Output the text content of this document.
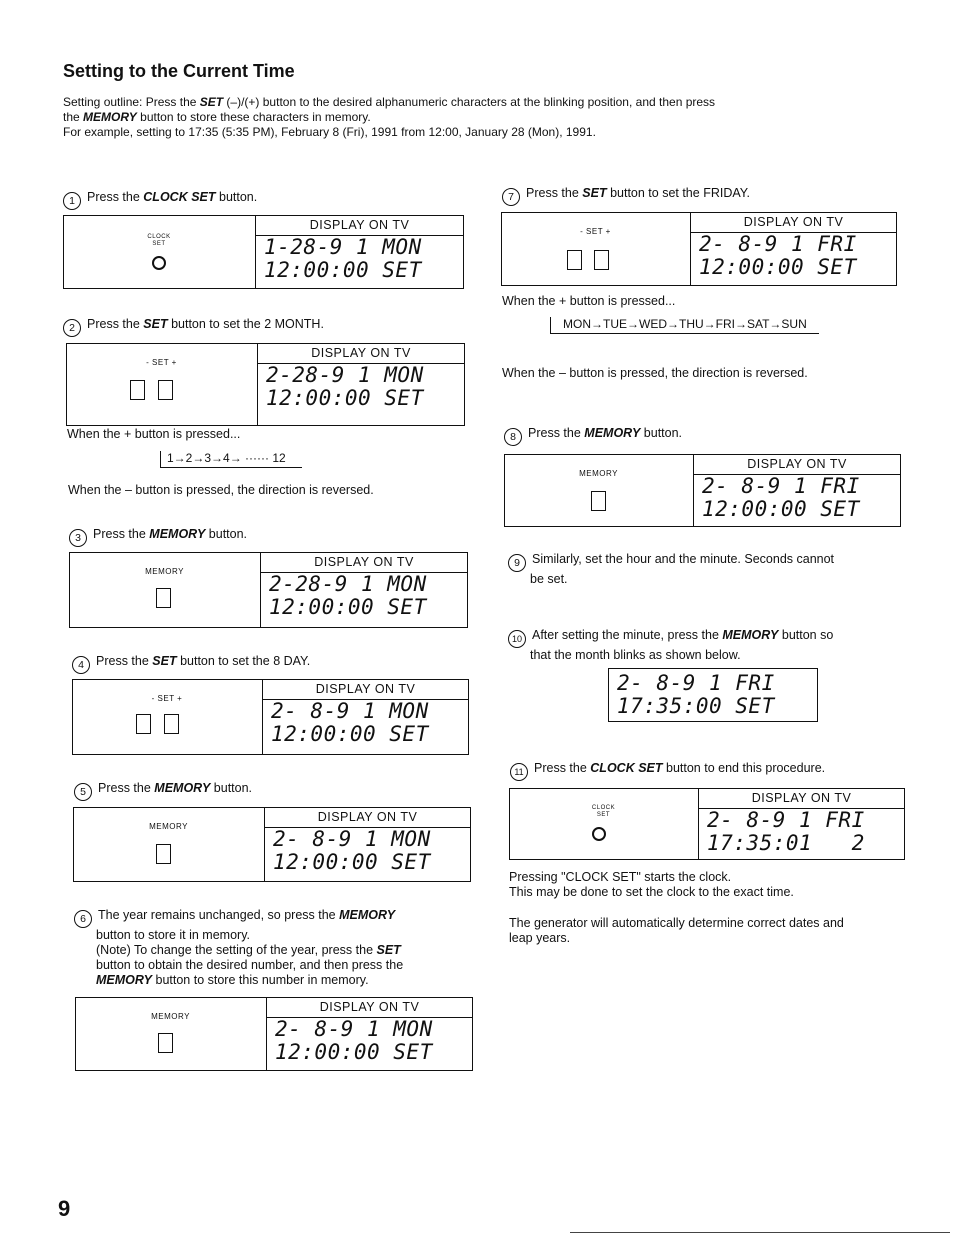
Setting to the Current Time

Setting outline: Press the SET (–)/(+) button to the desired alphanumeric characters at the blinking position, and then press

the MEMORY button to store these characters in memory.

For example, setting to 17:35 (5:35 PM), February 8 (Fri), 1991 from 12:00, January 28 (Mon), 1991.

1 Press the CLOCK SET button.
CLOCK
SET
DISPLAY ON TV
1-28-9 1 MON
12:00:00 SET
2 Press the SET button to set the 2 MONTH.
- SET +
DISPLAY ON TV
2-28-9 1 MON
12:00:00 SET
When the + button is pressed...
1→2→3→4→ ······ 12
When the – button is pressed, the direction is reversed.
3 Press the MEMORY button.
MEMORY
DISPLAY ON TV
2-28-9 1 MON
12:00:00 SET
4 Press the SET button to set the 8 DAY.
- SET +
DISPLAY ON TV
2- 8-9 1 MON
12:00:00 SET
5 Press the MEMORY button.
MEMORY
DISPLAY ON TV
2- 8-9 1 MON
12:00:00 SET
6 The year remains unchanged, so press the MEMORY
button to store it in memory.
(Note) To change the setting of the year, press the SET
button to obtain the desired number, and then press the
MEMORY button to store this number in memory.
MEMORY
DISPLAY ON TV
2- 8-9 1 MON
12:00:00 SET
7 Press the SET button to set the FRIDAY.
- SET +
DISPLAY ON TV
2- 8-9 1 FRI
12:00:00 SET
When the + button is pressed...
MON→TUE→WED→THU→FRI→SAT→SUN
When the – button is pressed, the direction is reversed.
8 Press the MEMORY button.
MEMORY
DISPLAY ON TV
2- 8-9 1 FRI
12:00:00 SET
9 Similarly, set the hour and the minute. Seconds cannot
be set.
10 After setting the minute, press the MEMORY button so
that the month blinks as shown below.
2- 8-9 1 FRI
17:35:00 SET
11 Press the CLOCK SET button to end this procedure.
CLOCK
SET
DISPLAY ON TV
2- 8-9 1 FRI
17:35:01   2
Pressing "CLOCK SET" starts the clock.
This may be done to set the clock to the exact time.
The generator will automatically determine correct dates and
leap years.
9
